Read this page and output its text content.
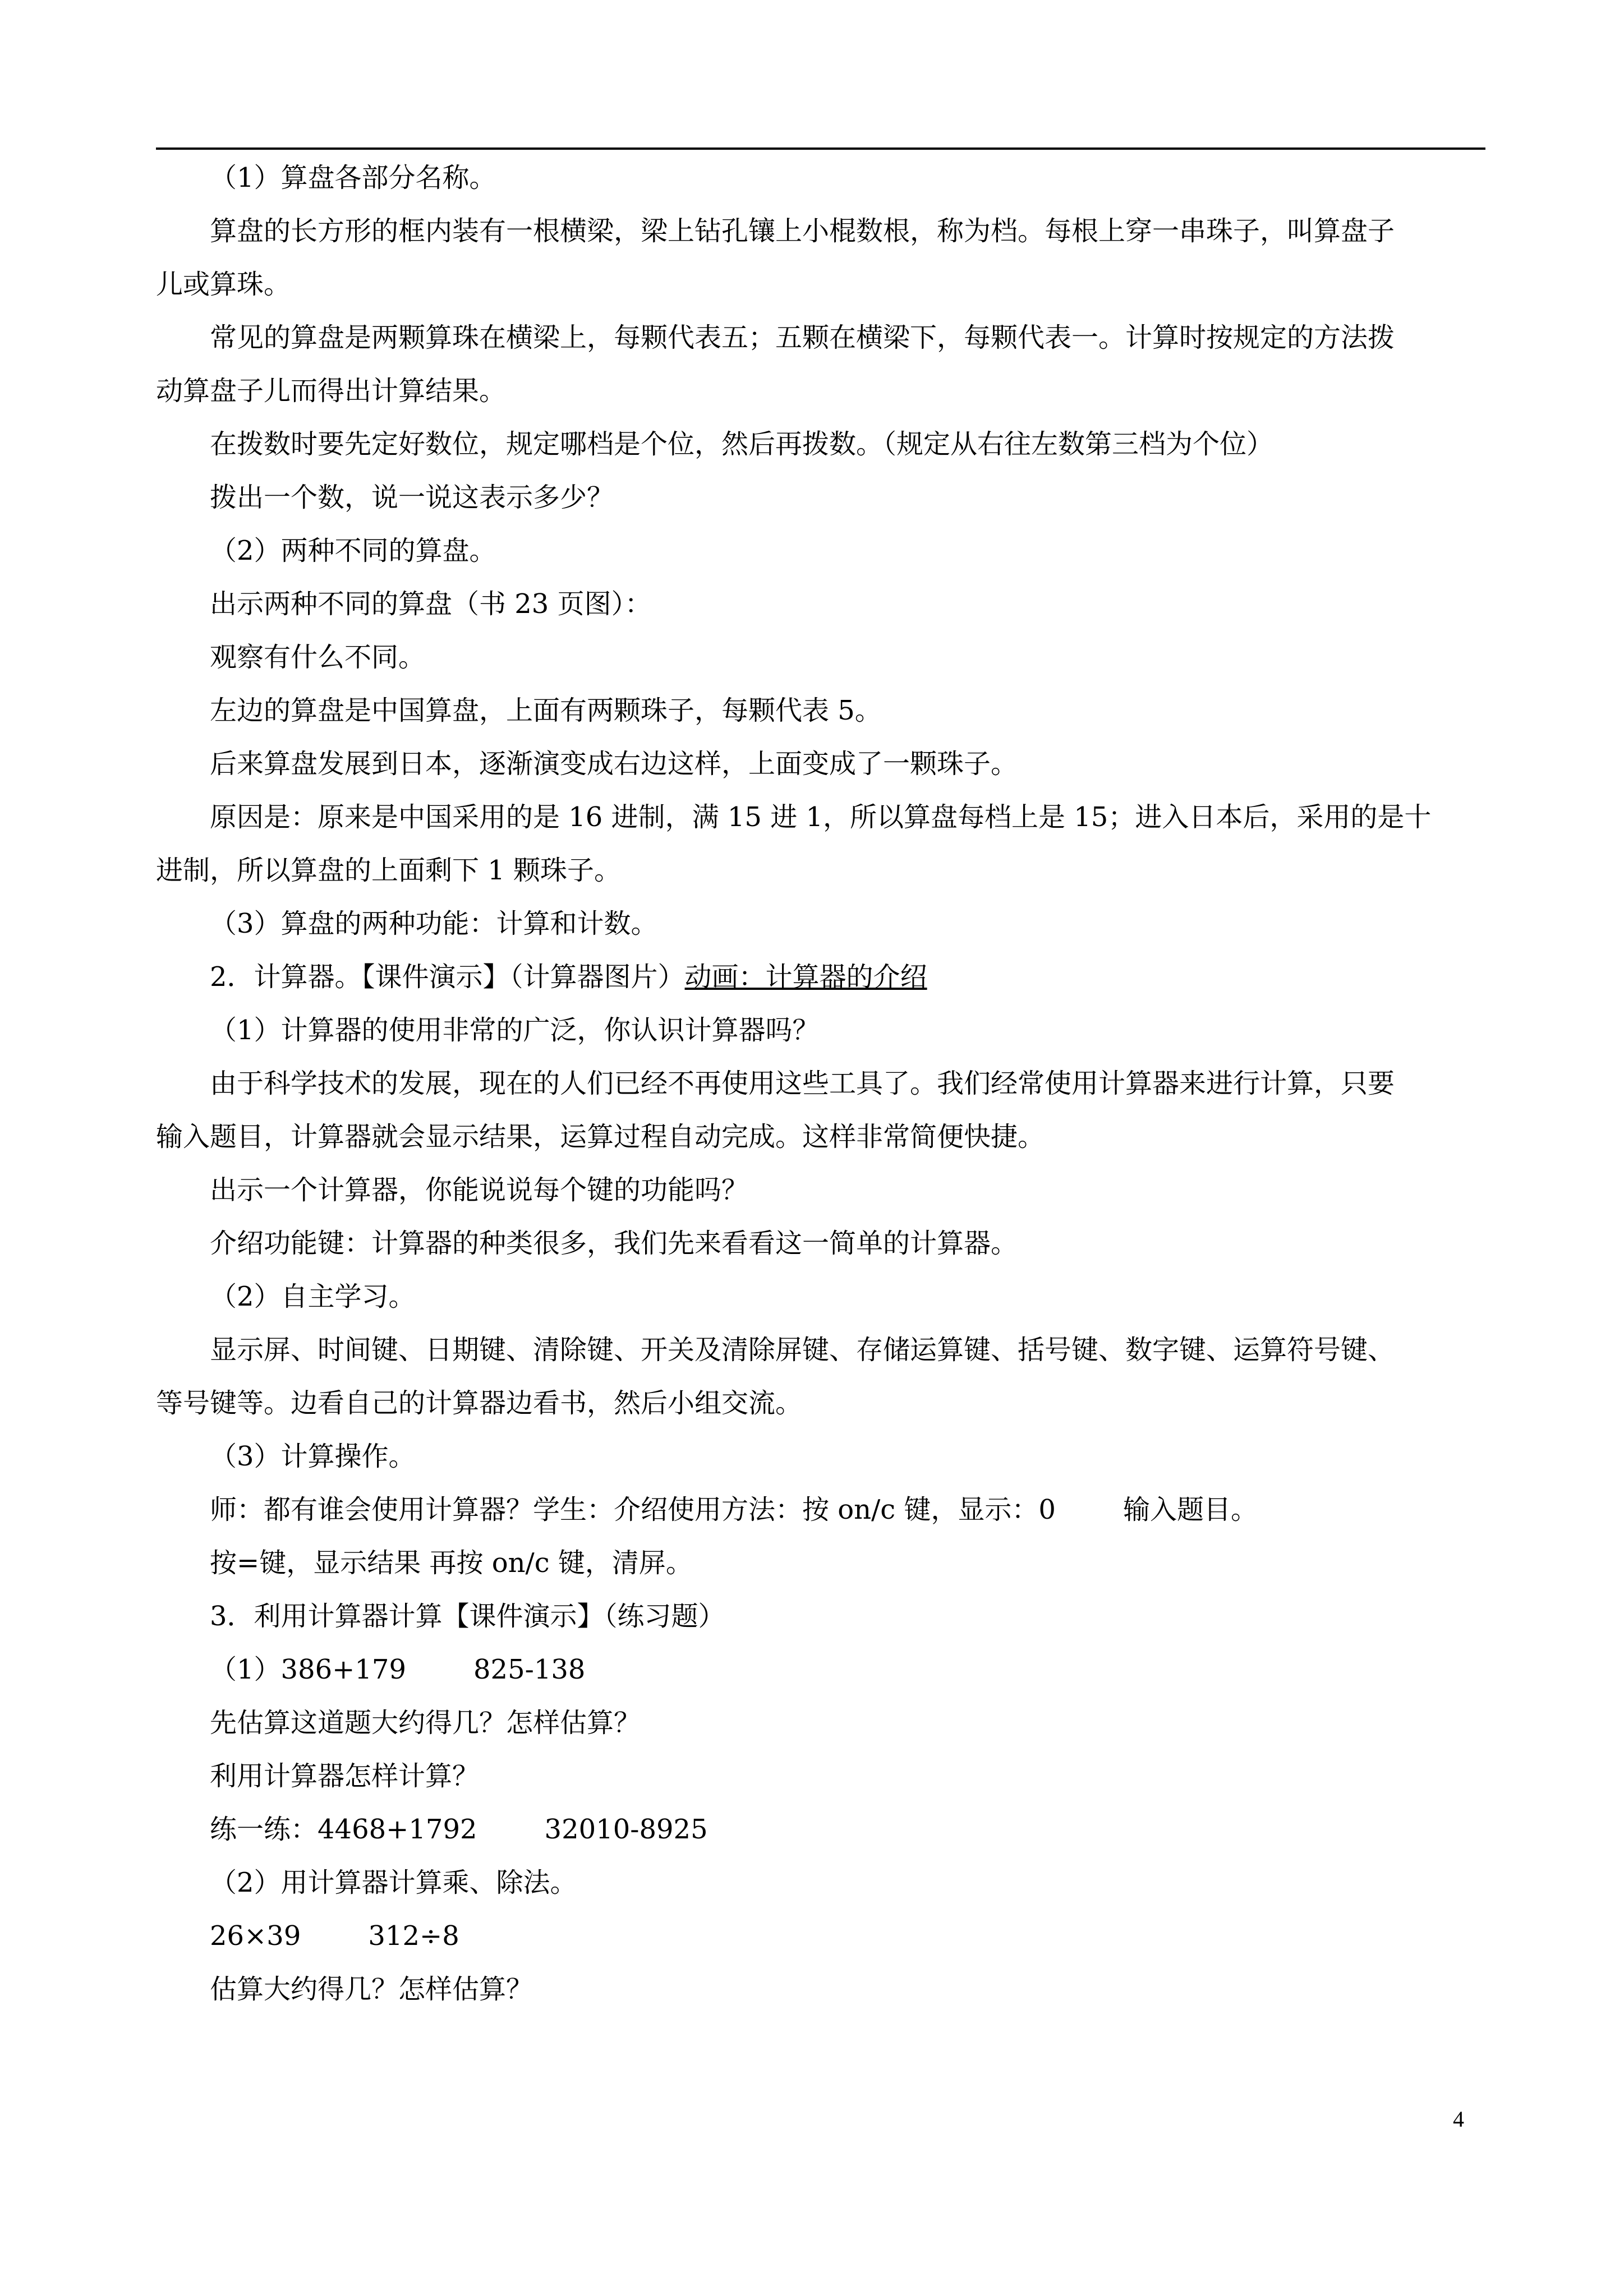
（1）算盘各部分名称。
算盘的长方形的框内装有一根横梁，梁上钻孔镶上小棍数根，称为档。每根上穿一串珠子，叫算盘子
儿或算珠。
常见的算盘是两颗算珠在横梁上，每颗代表五；五颗在横梁下，每颗代表一。计算时按规定的方法拨
动算盘子儿而得出计算结果。
在拨数时要先定好数位，规定哪档是个位，然后再拨数。（规定从右往左数第三档为个位）
拨出一个数，说一说这表示多少？
（2）两种不同的算盘。
出示两种不同的算盘（书 23 页图）：
观察有什么不同。
左边的算盘是中国算盘，上面有两颗珠子，每颗代表 5。
后来算盘发展到日本，逐渐演变成右边这样，上面变成了一颗珠子。
原因是：原来是中国采用的是 16 进制，满 15 进 1，所以算盘每档上是 15；进入日本后，采用的是十
进制，所以算盘的上面剩下 1 颗珠子。
（3）算盘的两种功能：计算和计数。
2．计算器。【课件演示】（计算器图片）动画：计算器的介绍
（1）计算器的使用非常的广泛，你认识计算器吗？
由于科学技术的发展，现在的人们已经不再使用这些工具了。我们经常使用计算器来进行计算，只要
输入题目，计算器就会显示结果，运算过程自动完成。这样非常简便快捷。
出示一个计算器，你能说说每个键的功能吗？
介绍功能键：计算器的种类很多，我们先来看看这一简单的计算器。
（2）自主学习。
显示屏、时间键、日期键、清除键、开关及清除屏键、存储运算键、括号键、数字键、运算符号键、
等号键等。边看自己的计算器边看书，然后小组交流。
（3）计算操作。
师：都有谁会使用计算器？学生：介绍使用方法：按 on/c 键，显示：0	输入题目。
按=键，显示结果 再按 on/c 键，清屏。
3．利用计算器计算【课件演示】（练习题）
（1）386+179	825-138
先估算这道题大约得几？怎样估算？
利用计算器怎样计算？
练一练：4468+1792	32010-8925
（2）用计算器计算乘、除法。
26×39	312÷8
估算大约得几？怎样估算？
4
